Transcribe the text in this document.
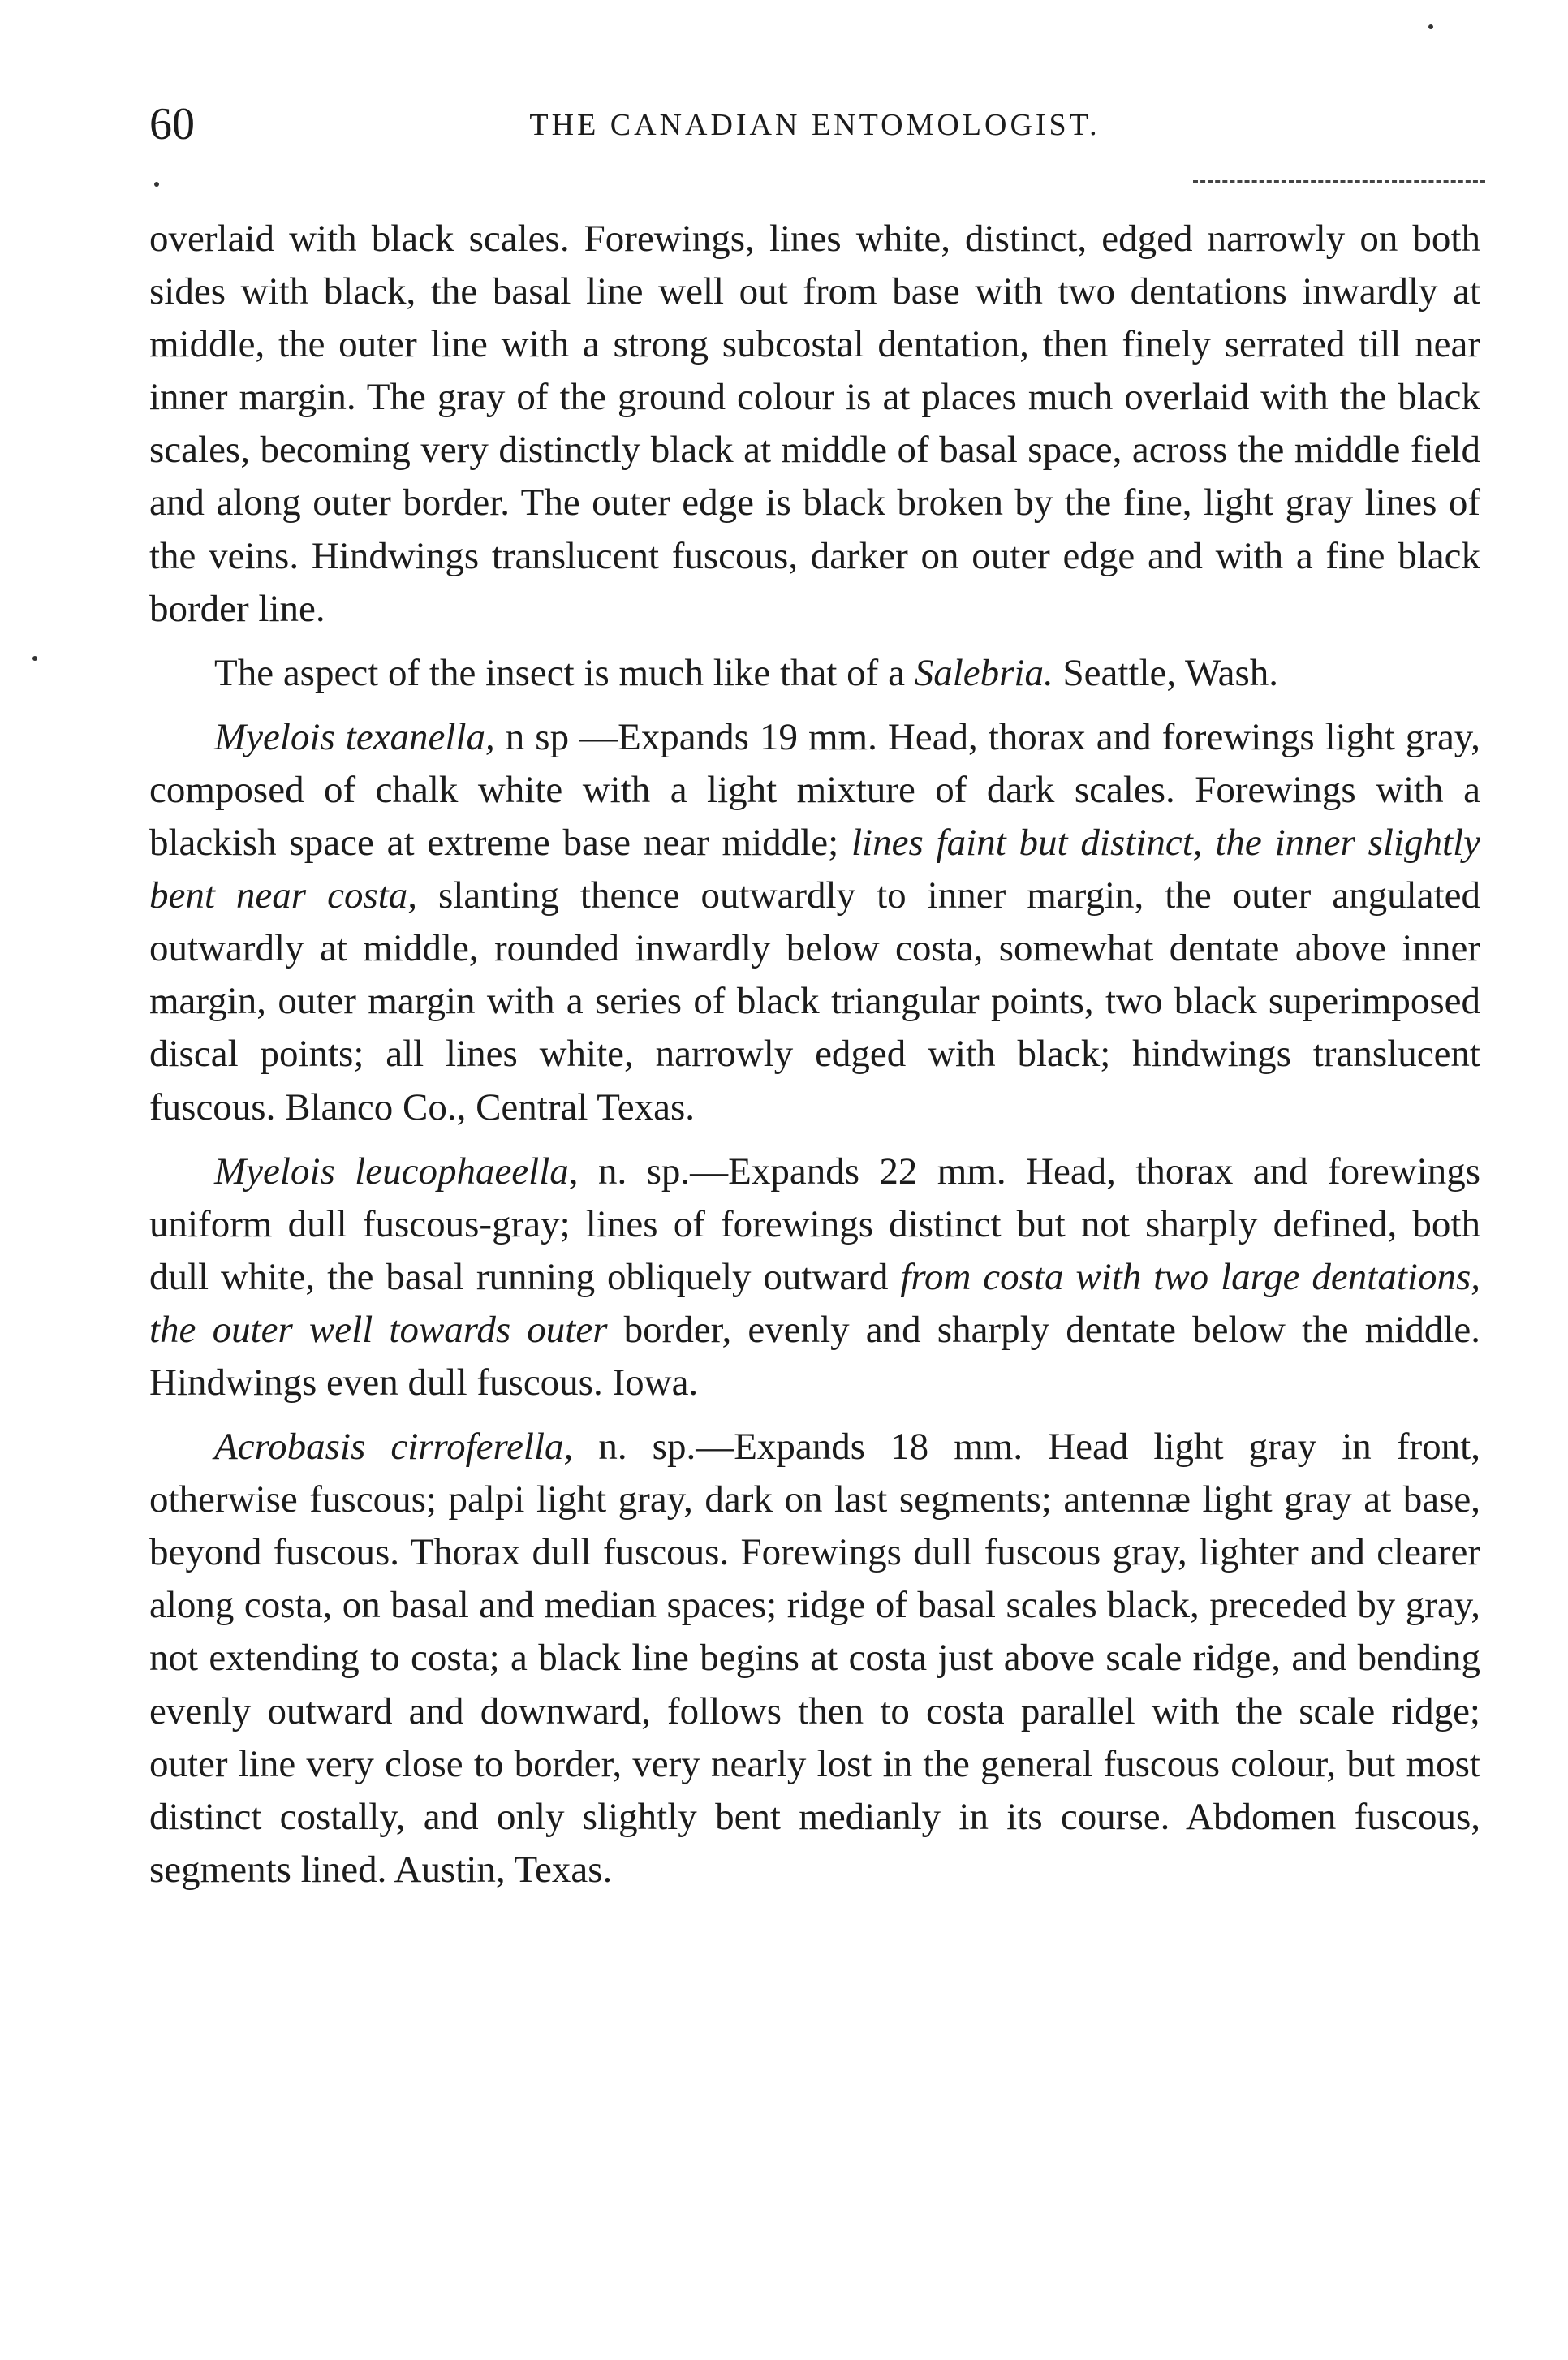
60	THE CANADIAN ENTOMOLOGIST.

overlaid with black scales. Forewings, lines white, distinct, edged narrowly on both sides with black, the basal line well out from base with two dentations inwardly at middle, the outer line with a strong subcostal dentation, then finely serrated till near inner margin. The gray of the ground colour is at places much overlaid with the black scales, becoming very distinctly black at middle of basal space, across the middle field and along outer border. The outer edge is black broken by the fine, light gray lines of the veins. Hindwings translucent fuscous, darker on outer edge and with a fine black border line.

The aspect of the insect is much like that of a Salebria. Seattle, Wash.

Myelois texanella, n sp —Expands 19 mm. Head, thorax and forewings light gray, composed of chalk white with a light mixture of dark scales. Forewings with a blackish space at extreme base near middle; lines faint but distinct, the inner slightly bent near costa, slanting thence outwardly to inner margin, the outer angulated outwardly at middle, rounded inwardly below costa, somewhat dentate above inner margin, outer margin with a series of black triangular points, two black superimposed discal points; all lines white, narrowly edged with black; hindwings translucent fuscous. Blanco Co., Central Texas.

Myelois leucophaeella, n. sp.—Expands 22 mm. Head, thorax and forewings uniform dull fuscous-gray; lines of forewings distinct but not sharply defined, both dull white, the basal running obliquely outward from costa with two large dentations, the outer well towards outer border, evenly and sharply dentate below the middle. Hindwings even dull fuscous. Iowa.

Acrobasis cirroferella, n. sp.—Expands 18 mm. Head light gray in front, otherwise fuscous; palpi light gray, dark on last segments; antennæ light gray at base, beyond fuscous. Thorax dull fuscous. Forewings dull fuscous gray, lighter and clearer along costa, on basal and median spaces; ridge of basal scales black, preceded by gray, not extending to costa; a black line begins at costa just above scale ridge, and bending evenly outward and downward, follows then to costa parallel with the scale ridge; outer line very close to border, very nearly lost in the general fuscous colour, but most distinct costally, and only slightly bent medianly in its course. Abdomen fuscous, segments lined. Austin, Texas.
